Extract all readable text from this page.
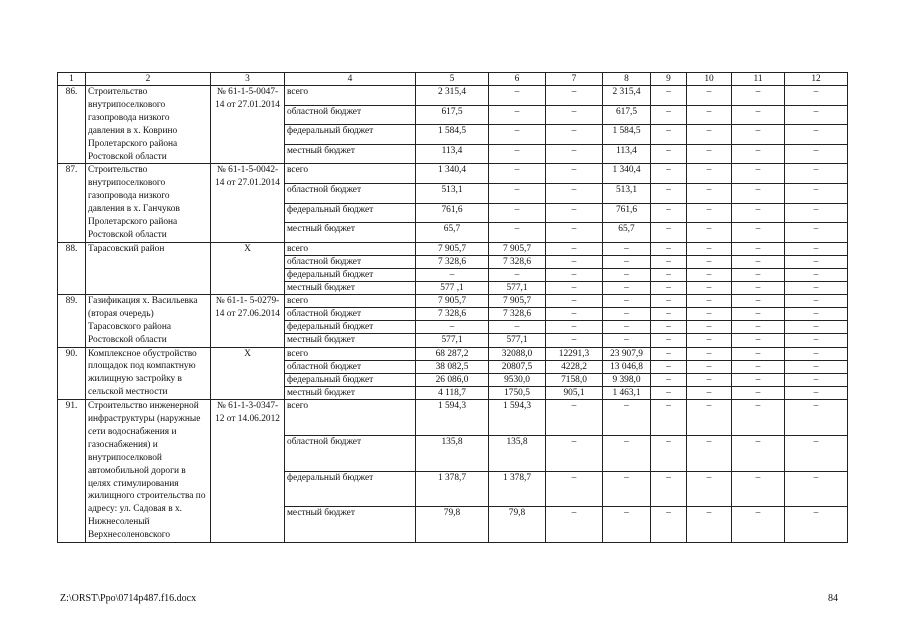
1	2	3	4	5	6	7	8	9	10	11	12
86.	Строительство внутрипоселкового газопровода низкого давления в х. Коврино Пролетарского района Ростовской области	№ 61-1-5-0047-14 от 27.01.2014	всего	2 315,4	–	–	2 315,4	–	–	–	–
			областной бюджет	617,5	–	–	617,5	–	–	–	–
			федеральный бюджет	1 584,5	–	–	1 584,5	–	–	–	–
			местный бюджет	113,4	–	–	113,4	–	–	–	–
87.	Строительство внутрипоселкового газопровода низкого давления в х. Ганчуков Пролетарского района Ростовской области	№ 61-1-5-0042-14 от 27.01.2014	всего	1 340,4	–	–	1 340,4	–	–	–	–
			областной бюджет	513,1	–	–	513,1	–	–	–	–
			федеральный бюджет	761,6	–	–	761,6	–	–	–	–
			местный бюджет	65,7	–	–	65,7	–	–	–	–
88.	Тарасовский район	Х	всего	7 905,7	7 905,7	–	–	–	–	–	–
			областной бюджет	7 328,6	7 328,6	–	–	–	–	–	–
			федеральный бюджет	–	–	–	–	–	–	–	–
			местный бюджет	577 ,1	577,1	–	–	–	–	–	–
89.	Газификация х. Васильевка (вторая очередь) Тарасовского района Ростовской области	№ 61-1- 5-0279-14 от 27.06.2014	всего	7 905,7	7 905,7	–	–	–	–	–	–
			областной бюджет	7 328,6	7 328,6	–	–	–	–	–	–
			федеральный бюджет	–	–	–	–	–	–	–	–
			местный бюджет	577,1	577,1	–	–	–	–	–	–
90.	Комплексное обустройство площадок под компактную жилищную застройку в сельской местности	Х	всего	68 287,2	32088,0	12291,3	23 907,9	–	–	–	–
			областной бюджет	38 082,5	20807,5	4228,2	13 046,8	–	–	–	–
			федеральный бюджет	26 086,0	9530,0	7158,0	9 398,0	–	–	–	–
			местный бюджет	4 118,7	1750,5	905,1	1 463,1	–	–	–	–
91.	Строительство инженерной инфраструктуры (наружные сети водоснабжения и газоснабжения) и внутрипоселковой автомобильной дороги в целях стимулирования жилищного строительства по адресу: ул. Садовая в х. Нижнесоленый Верхнесоленовского	№ 61-1-3-0347-12 от 14.06.2012	всего	1 594,3	1 594,3	–	–	–	–	–	–
			областной бюджет	135,8	135,8	–	–	–	–	–	–
			федеральный бюджет	1 378,7	1 378,7	–	–	–	–	–	–
			местный бюджет	79,8	79,8	–	–	–	–	–	–
Z:\ORST\Ppo\0714p487.f16.docx	84
